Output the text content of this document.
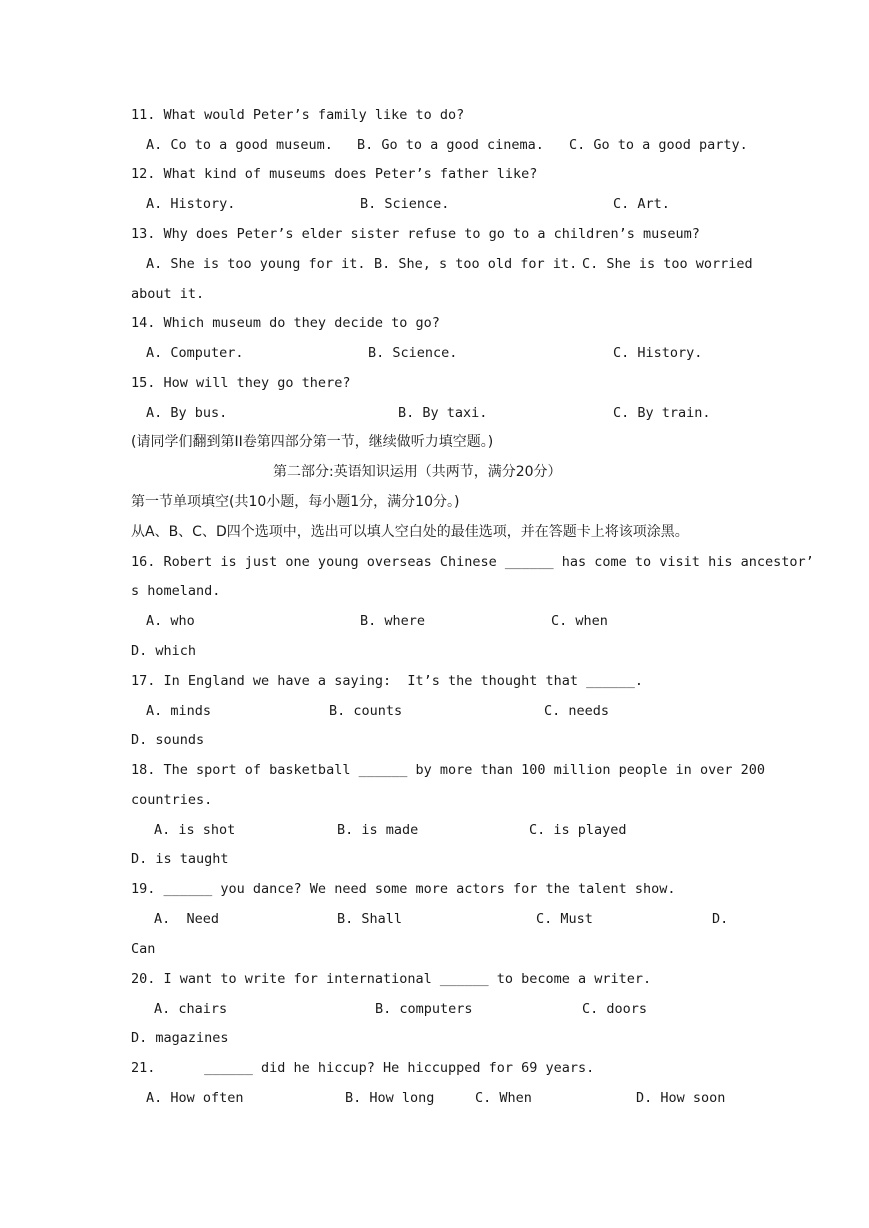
11. What would Peter’s family like to do?
A. Co to a good museum. B. Go to a good cinema. C. Go to a good party.
12. What kind of museums does Peter’s father like?
A. History.	B. Science.	C. Art.
13. Why does Peter’s elder sister refuse to go to a children’s museum?
A. She is too young for it. B. She, s too old for it. C. She is too worried
about it.
14. Which museum do they decide to go?
A. Computer.	B. Science.	C. History.
15. How will they go there?
A. By bus.	B. By taxi.	C. By train.
(请同学们翻到第II卷第四部分第一节，继续做听力填空题。)
第二部分:英语知识运用（共两节，满分20分）
第一节单项填空(共10小题，每小题1分，满分10分。)
从A、B、C、D四个选项中，选出可以填人空白处的最佳选项，并在答题卡上将该项涂黑。
16. Robert is just one young overseas Chinese ______ has come to visit his ancestor’
s homeland.
A. who	B. where	C. when
D. which
17. In England we have a saying:  It’s the thought that ______.
A. minds	B. counts	C. needs
D. sounds
18. The sport of basketball ______ by more than 100 million people in over 200
countries.
A. is shot	B. is made	C. is played
D. is taught
19. ______ you dance? We need some more actors for the talent show.
A.  Need	B. Shall	C. Must	D.
Can
20. I want to write for international ______ to become a writer.
A. chairs	B. computers	C. doors
D. magazines
21.      ______ did he hiccup? He hiccupped for 69 years.
A. How often	B. How long	C. When	D. How soon
